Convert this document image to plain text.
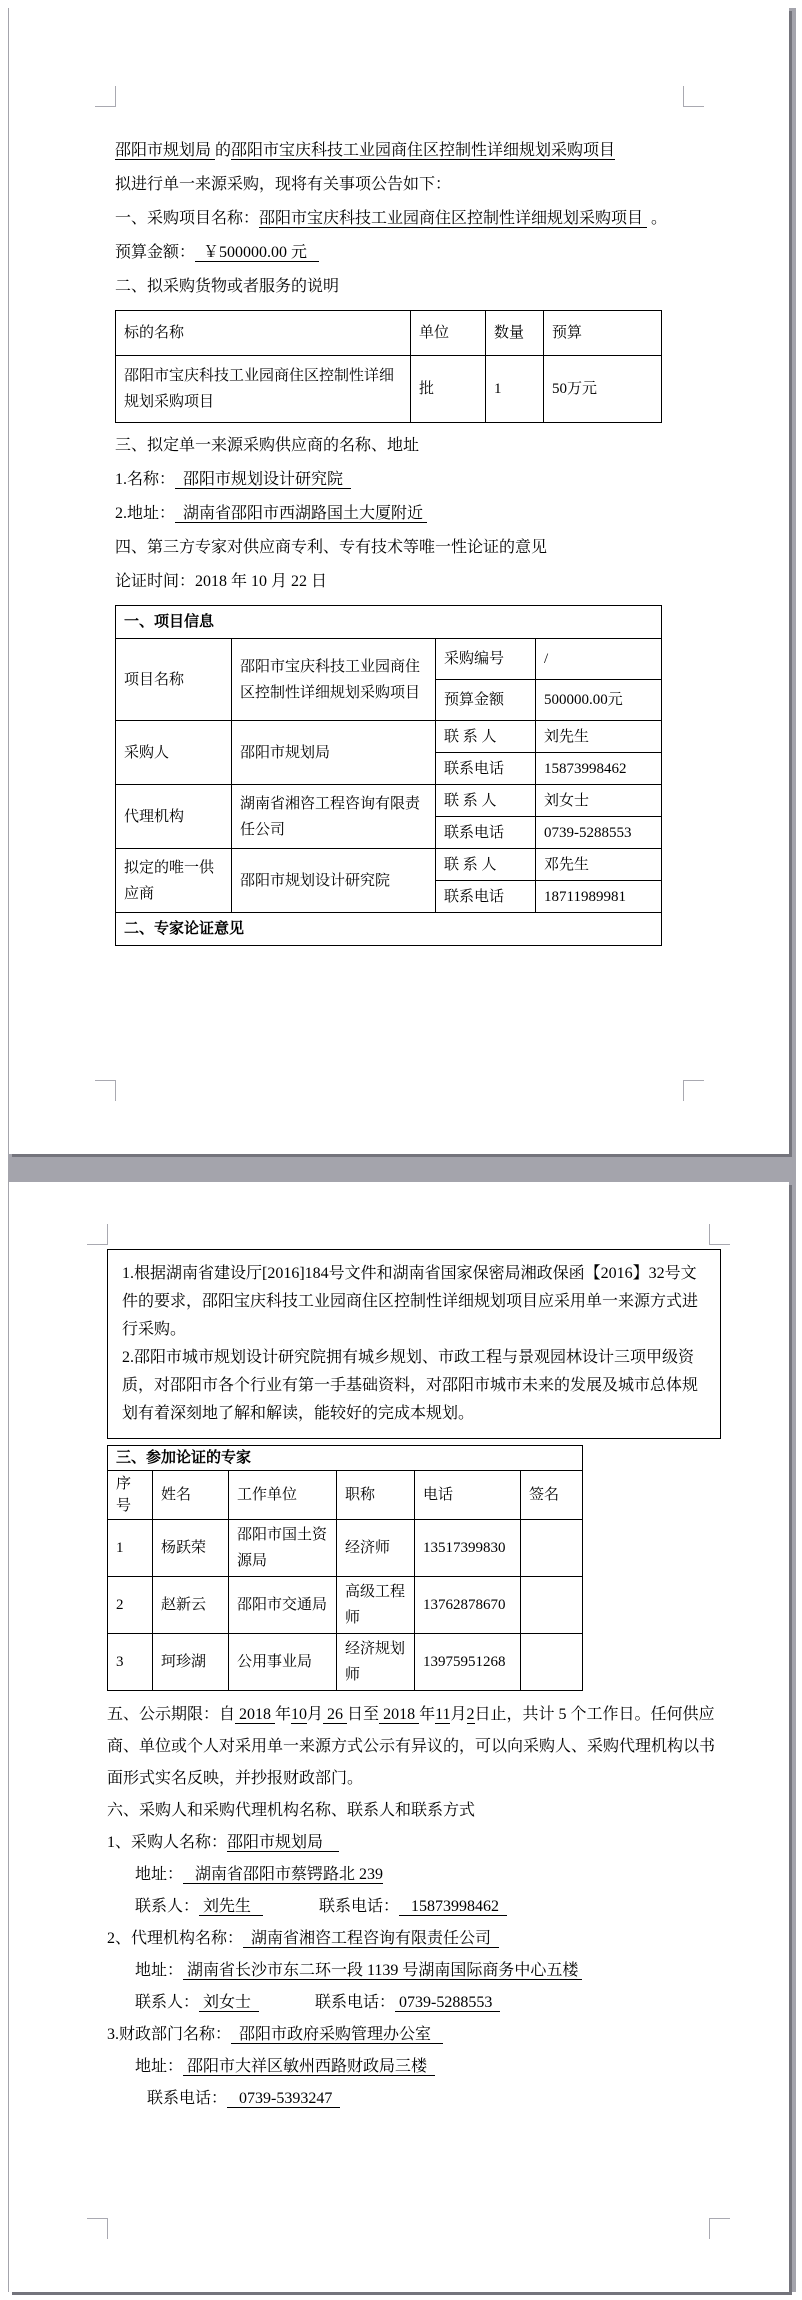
邵阳市规划局 的邵阳市宝庆科技工业园商住区控制性详细规划采购项目

拟进行单一来源采购，现将有关事项公告如下：

一、采购项目名称：邵阳市宝庆科技工业园商住区控制性详细规划采购项目  。

预算金额：  ￥500000.00 元

二、拟采购货物或者服务的说明

标的名称	单位	数量	预算
邵阳市宝庆科技工业园商住区控制性详细规划采购项目	批	1	50万元

三、拟定单一来源采购供应商的名称、地址

1.名称：  邵阳市规划设计研究院

2.地址：  湖南省邵阳市西湖路国土大厦附近

四、第三方专家对供应商专利、专有技术等唯一性论证的意见

论证时间：2018 年 10 月 22 日

一、项目信息			
项目名称	邵阳市宝庆科技工业园商住区控制性详细规划采购项目	采购编号	/
		预算金额	500000.00元
采购人	邵阳市规划局	联 系 人	刘先生
		联系电话	15873998462
代理机构	湖南省湘咨工程咨询有限责任公司	联 系 人	刘女士
		联系电话	0739-5288553
拟定的唯一供应商	邵阳市规划设计研究院	联 系 人	邓先生
		联系电话	18711989981
二、专家论证意见			

1.根据湖南省建设厅[2016]184号文件和湖南省国家保密局湘政保函【2016】32号文件的要求，邵阳宝庆科技工业园商住区控制性详细规划项目应采用单一来源方式进行采购。

2.邵阳市城市规划设计研究院拥有城乡规划、市政工程与景观园林设计三项甲级资质，对邵阳市各个行业有第一手基础资料，对邵阳市城市未来的发展及城市总体规划有着深刻地了解和解读，能较好的完成本规划。

三、参加论证的专家					
序号	姓名	工作单位	职称	电话	签名
1	杨跃荣	邵阳市国土资源局	经济师	13517399830	
2	赵新云	邵阳市交通局	高级工程师	13762878670	
3	珂珍湖	公用事业局	经济规划师	13975951268	

五、公示期限：自 2018 年10月 26 日至 2018 年11月2日止，共计 5 个工作日。任何供应商、单位或个人对采用单一来源方式公示有异议的，可以向采购人、采购代理机构以书面形式实名反映，并抄报财政部门。

六、采购人和采购代理机构名称、联系人和联系方式

1、采购人名称：邵阳市规划局

地址：   湖南省邵阳市蔡锷路北 239

联系人： 刘先生	联系电话：   15873998462

2、代理机构名称：  湖南省湘咨工程咨询有限责任公司

地址： 湖南省长沙市东二环一段 1139 号湖南国际商务中心五楼

联系人： 刘女士	联系电话： 0739-5288553

3.财政部门名称：  邵阳市政府采购管理办公室

地址： 邵阳市大祥区敏州西路财政局三楼

联系电话：   0739-5393247
